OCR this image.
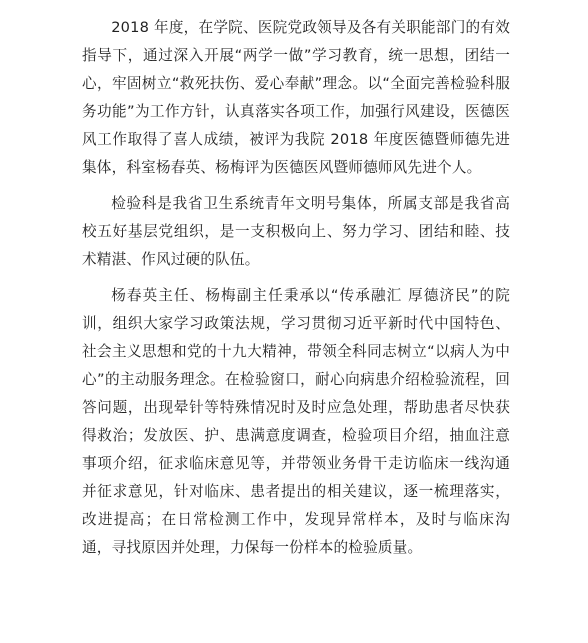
2018 年度，在学院、医院党政领导及各有关职能部门的有效指导下，通过深入开展“两学一做”学习教育，统一思想，团结一心，牢固树立“救死扶伤、爱心奉献”理念。以“全面完善检验科服务功能”为工作方针，认真落实各项工作，加强行风建设，医德医风工作取得了喜人成绩，被评为我院 2018 年度医德暨师德先进集体，科室杨春英、杨梅评为医德医风暨师德师风先进个人。

检验科是我省卫生系统青年文明号集体，所属支部是我省高校五好基层党组织，是一支积极向上、努力学习、团结和睦、技术精湛、作风过硬的队伍。

杨春英主任、杨梅副主任秉承以“传承融汇 厚德济民”的院训，组织大家学习政策法规，学习贯彻习近平新时代中国特色、社会主义思想和党的十九大精神，带领全科同志树立“以病人为中心”的主动服务理念。在检验窗口，耐心向病患介绍检验流程，回答问题，出现晕针等特殊情况时及时应急处理，帮助患者尽快获得救治；发放医、护、患满意度调查，检验项目介绍，抽血注意事项介绍，征求临床意见等，并带领业务骨干走访临床一线沟通并征求意见，针对临床、患者提出的相关建议，逐一梳理落实，改进提高；在日常检测工作中，发现异常样本，及时与临床沟通，寻找原因并处理，力保每一份样本的检验质量。
